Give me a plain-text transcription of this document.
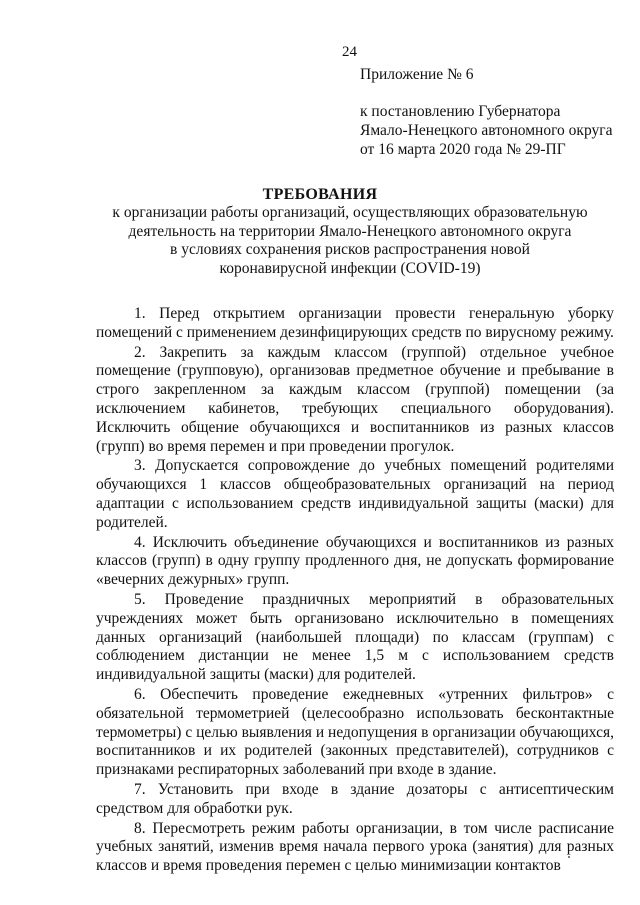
24
Приложение № 6
к постановлению Губернатора
Ямало-Ненецкого автономного округа
от 16 марта 2020 года № 29-ПГ
ТРЕБОВАНИЯ
к организации работы организаций, осуществляющих образовательную
деятельность на территории Ямало-Ненецкого автономного округа
в условиях сохранения рисков распространения новой
коронавирусной инфекции (COVID-19)

1. Перед открытием организации провести генеральную уборку помещений с применением дезинфицирующих средств по вирусному режиму.

2. Закрепить за каждым классом (группой) отдельное учебное помещение (групповую), организовав предметное обучение и пребывание в строго закрепленном за каждым классом (группой) помещении (за исключением кабинетов, требующих специального оборудования). Исключить общение обучающихся и воспитанников из разных классов (групп) во время перемен и при проведении прогулок.

3. Допускается сопровождение до учебных помещений родителями обучающихся 1 классов общеобразовательных организаций на период адаптации с использованием средств индивидуальной защиты (маски) для родителей.

4. Исключить объединение обучающихся и воспитанников из разных классов (групп) в одну группу продленного дня, не допускать формирование «вечерних дежурных» групп.

5. Проведение праздничных мероприятий в образовательных учреждениях может быть организовано исключительно в помещениях данных организаций (наибольшей площади) по классам (группам) с соблюдением дистанции не менее 1,5 м с использованием средств индивидуальной защиты (маски) для родителей.

6. Обеспечить проведение ежедневных «утренних фильтров» с обязательной термометрией (целесообразно использовать бесконтактные термометры) с целью выявления и недопущения в организации обучающихся, воспитанников и их родителей (законных представителей), сотрудников с признаками респираторных заболеваний при входе в здание.

7. Установить при входе в здание дозаторы с антисептическим средством для обработки рук.

8. Пересмотреть режим работы организации, в том числе расписание учебных занятий, изменив время начала первого урока (занятия) для разных классов и время проведения перемен с целью минимизации контактов
